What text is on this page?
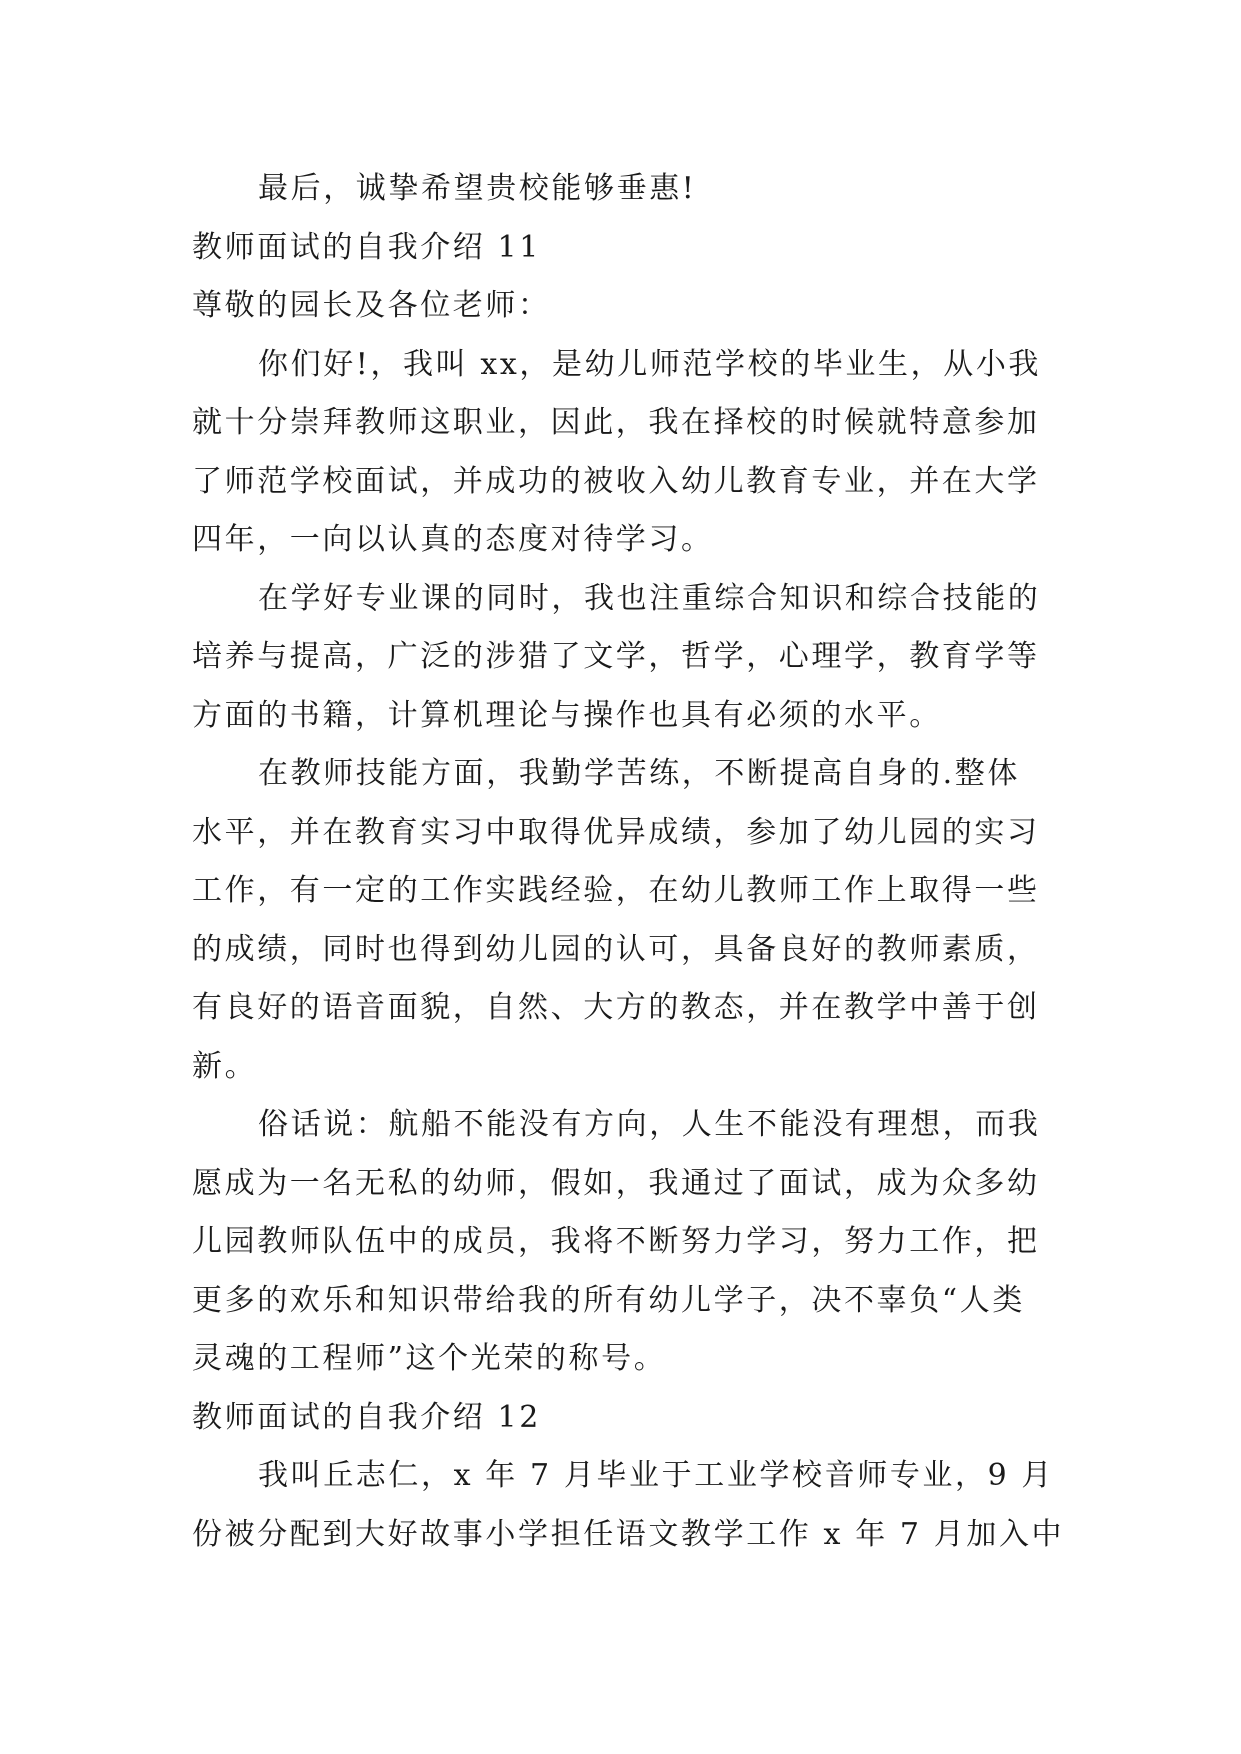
最后，诚挚希望贵校能够垂惠!
教师面试的自我介绍 11
尊敬的园长及各位老师：
你们好!，我叫 xx，是幼儿师范学校的毕业生，从小我
就十分崇拜教师这职业，因此，我在择校的时候就特意参加
了师范学校面试，并成功的被收入幼儿教育专业，并在大学
四年，一向以认真的态度对待学习。
在学好专业课的同时，我也注重综合知识和综合技能的
培养与提高，广泛的涉猎了文学，哲学，心理学，教育学等
方面的书籍，计算机理论与操作也具有必须的水平。
在教师技能方面，我勤学苦练，不断提高自身的.整体
水平，并在教育实习中取得优异成绩，参加了幼儿园的实习
工作，有一定的工作实践经验，在幼儿教师工作上取得一些
的成绩，同时也得到幼儿园的认可，具备良好的教师素质，
有良好的语音面貌，自然、大方的教态，并在教学中善于创
新。
俗话说：航船不能没有方向，人生不能没有理想，而我
愿成为一名无私的幼师，假如，我通过了面试，成为众多幼
儿园教师队伍中的成员，我将不断努力学习，努力工作，把
更多的欢乐和知识带给我的所有幼儿学子，决不辜负“人类
灵魂的工程师”这个光荣的称号。
教师面试的自我介绍 12
我叫丘志仁，x 年 7 月毕业于工业学校音师专业，9 月
份被分配到大好故事小学担任语文教学工作 x 年 7 月加入中
